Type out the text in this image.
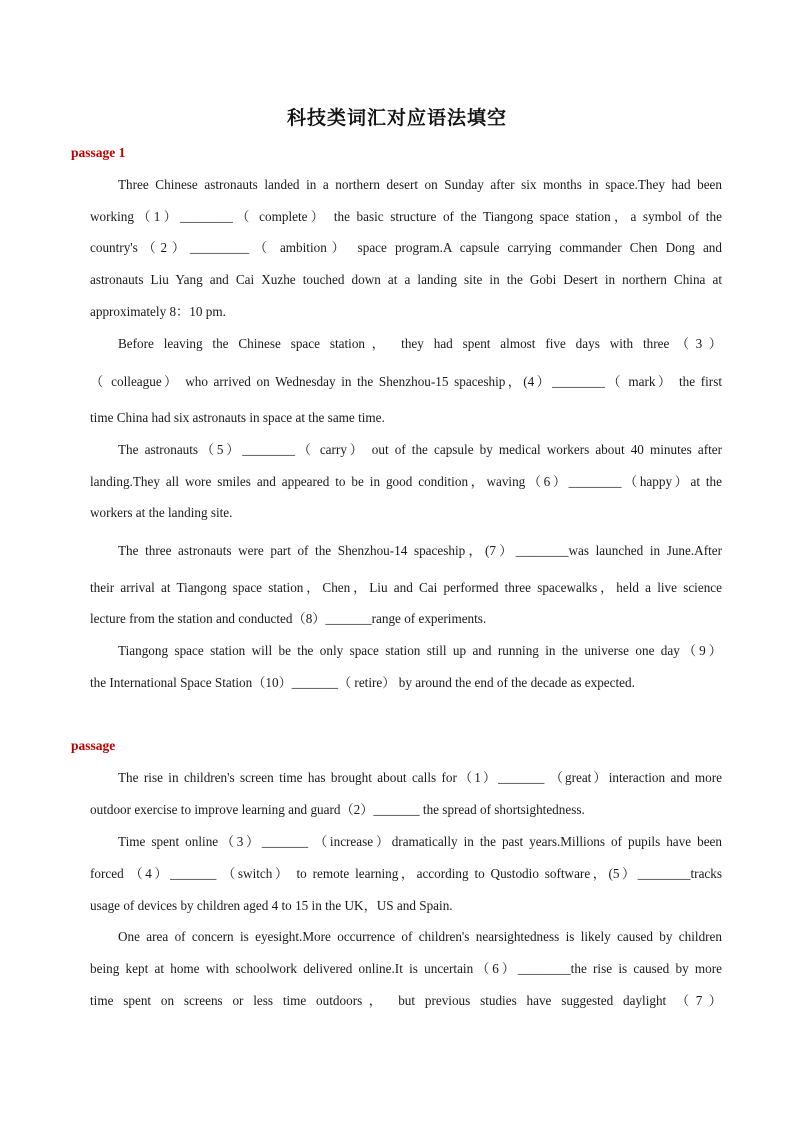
科技类词汇对应语法填空

passage 1

Three Chinese astronauts landed in a northern desert on Sunday after six months in space.They had been

working（1）________（ complete） the basic structure of the Tiangong space station，a symbol of the

country's（2）_________（ ambition） space program.A capsule carrying commander Chen Dong and

astronauts Liu Yang and Cai Xuzhe touched down at a landing site in the Gobi Desert in northern China at

approximately 8：10 pm.

Before leaving the Chinese space station， they had spent almost five days with three（3）

（ colleague） who arrived on Wednesday in the Shenzhou-15 spaceship，(4）________（ mark） the first

time China had six astronauts in space at the same time.

The astronauts（5）________（ carry） out of the capsule by medical workers about 40 minutes after

landing.They all wore smiles and appeared to be in good condition，waving（6）________（happy）at the

workers at the landing site.

The three astronauts were part of the Shenzhou-14 spaceship，(7）________was launched in June.After

their arrival at Tiangong space station，Chen，Liu and Cai performed three spacewalks，held a live science

lecture from the station and conducted（8）_______range of experiments.

Tiangong space station will be the only space station still up and running in the universe one day（9）

the International Space Station（10）_______（ retire） by around the end of the decade as expected.

passage

The rise in children's screen time has brought about calls for（1）_______ （great）interaction and more

outdoor exercise to improve learning and guard（2）_______ the spread of shortsightedness.

Time spent online（3）_______ （increase）dramatically in the past years.Millions of pupils have been

forced （4）_______ （switch） to remote learning，according to Qustodio software，(5）________tracks

usage of devices by children aged 4 to 15 in the UK，US and Spain.

One area of concern is eyesight.More occurrence of children's nearsightedness is likely caused by children

being kept at home with schoolwork delivered online.It is uncertain（6）________the rise is caused by more

time spent on screens or less time outdoors， but previous studies have suggested daylight （7）
